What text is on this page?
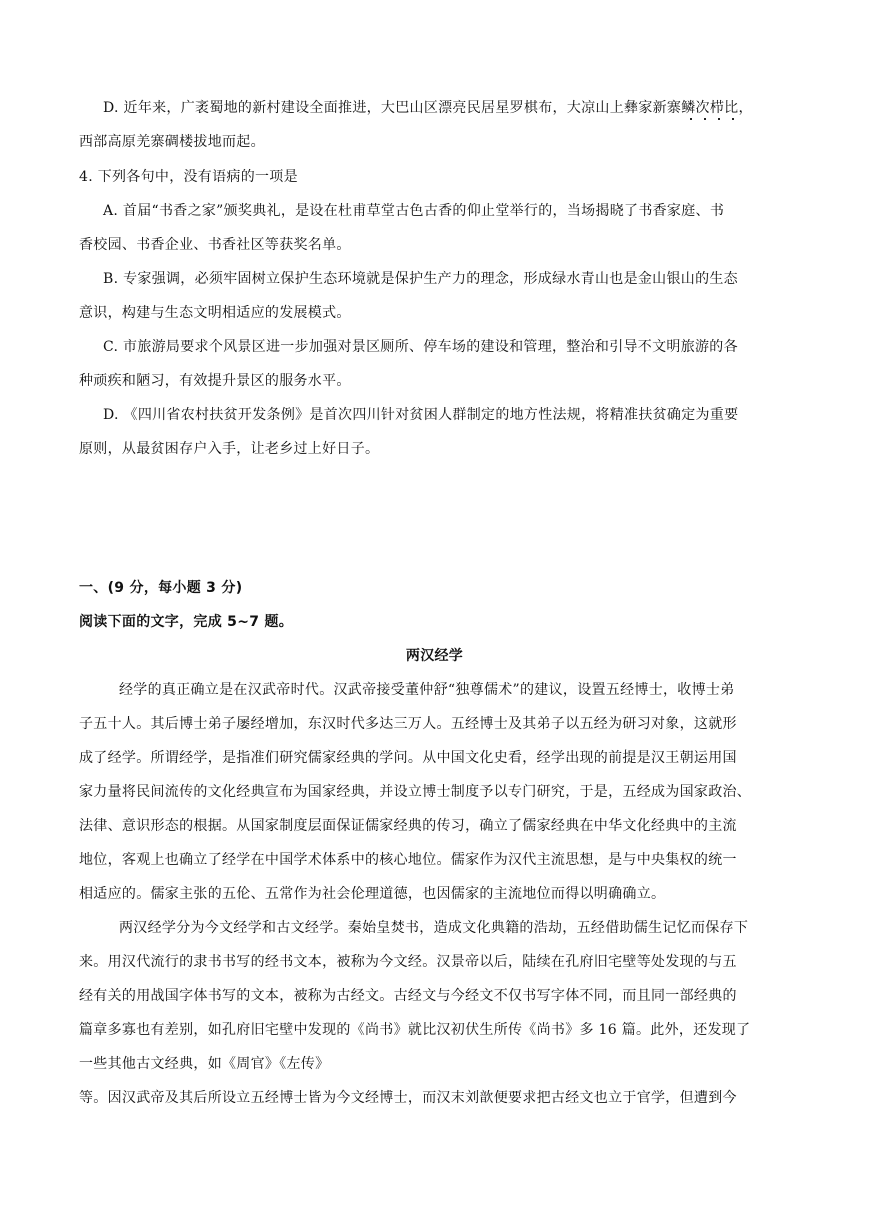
D. 近年来，广袤蜀地的新村建设全面推进，大巴山区漂亮民居星罗棋布，大凉山上彝家新寨鳞次栉比，
西部高原羌寨碉楼拔地而起。
4. 下列各句中，没有语病的一项是
A. 首届“书香之家”颁奖典礼，是设在杜甫草堂古色古香的仰止堂举行的，当场揭晓了书香家庭、书
香校园、书香企业、书香社区等获奖名单。
B. 专家强调，必须牢固树立保护生态环境就是保护生产力的理念，形成绿水青山也是金山银山的生态
意识，构建与生态文明相适应的发展模式。
C. 市旅游局要求个风景区进一步加强对景区厕所、停车场的建设和管理，整治和引导不文明旅游的各
种顽疾和陋习，有效提升景区的服务水平。
D. 《四川省农村扶贫开发条例》是首次四川针对贫困人群制定的地方性法规，将精准扶贫确定为重要
原则，从最贫困存户入手，让老乡过上好日子。
一、(9 分，每小题 3 分)
阅读下面的文字，完成 5~7 题。
两汉经学
经学的真正确立是在汉武帝时代。汉武帝接受董仲舒“独尊儒术”的建议，设置五经博士，收博士弟
子五十人。其后博士弟子屡经增加，东汉时代多达三万人。五经博士及其弟子以五经为研习对象，这就形
成了经学。所谓经学，是指准们研究儒家经典的学问。从中国文化史看，经学出现的前提是汉王朝运用国
家力量将民间流传的文化经典宣布为国家经典，并设立博士制度予以专门研究，于是，五经成为国家政治、
法律、意识形态的根据。从国家制度层面保证儒家经典的传习，确立了儒家经典在中华文化经典中的主流
地位，客观上也确立了经学在中国学术体系中的核心地位。儒家作为汉代主流思想，是与中央集权的统一
相适应的。儒家主张的五伦、五常作为社会伦理道德，也因儒家的主流地位而得以明确确立。
两汉经学分为今文经学和古文经学。秦始皇焚书，造成文化典籍的浩劫，五经借助儒生记忆而保存下
来。用汉代流行的隶书书写的经书文本，被称为今文经。汉景帝以后，陆续在孔府旧宅壁等处发现的与五
经有关的用战国字体书写的文本，被称为古经文。古经文与今经文不仅书写字体不同，而且同一部经典的
篇章多寡也有差别，如孔府旧宅壁中发现的《尚书》就比汉初伏生所传《尚书》多 16 篇。此外，还发现了
一些其他古文经典，如《周官》《左传》
等。因汉武帝及其后所设立五经博士皆为今文经博士，而汉末刘歆便要求把古经文也立于官学，但遭到今
